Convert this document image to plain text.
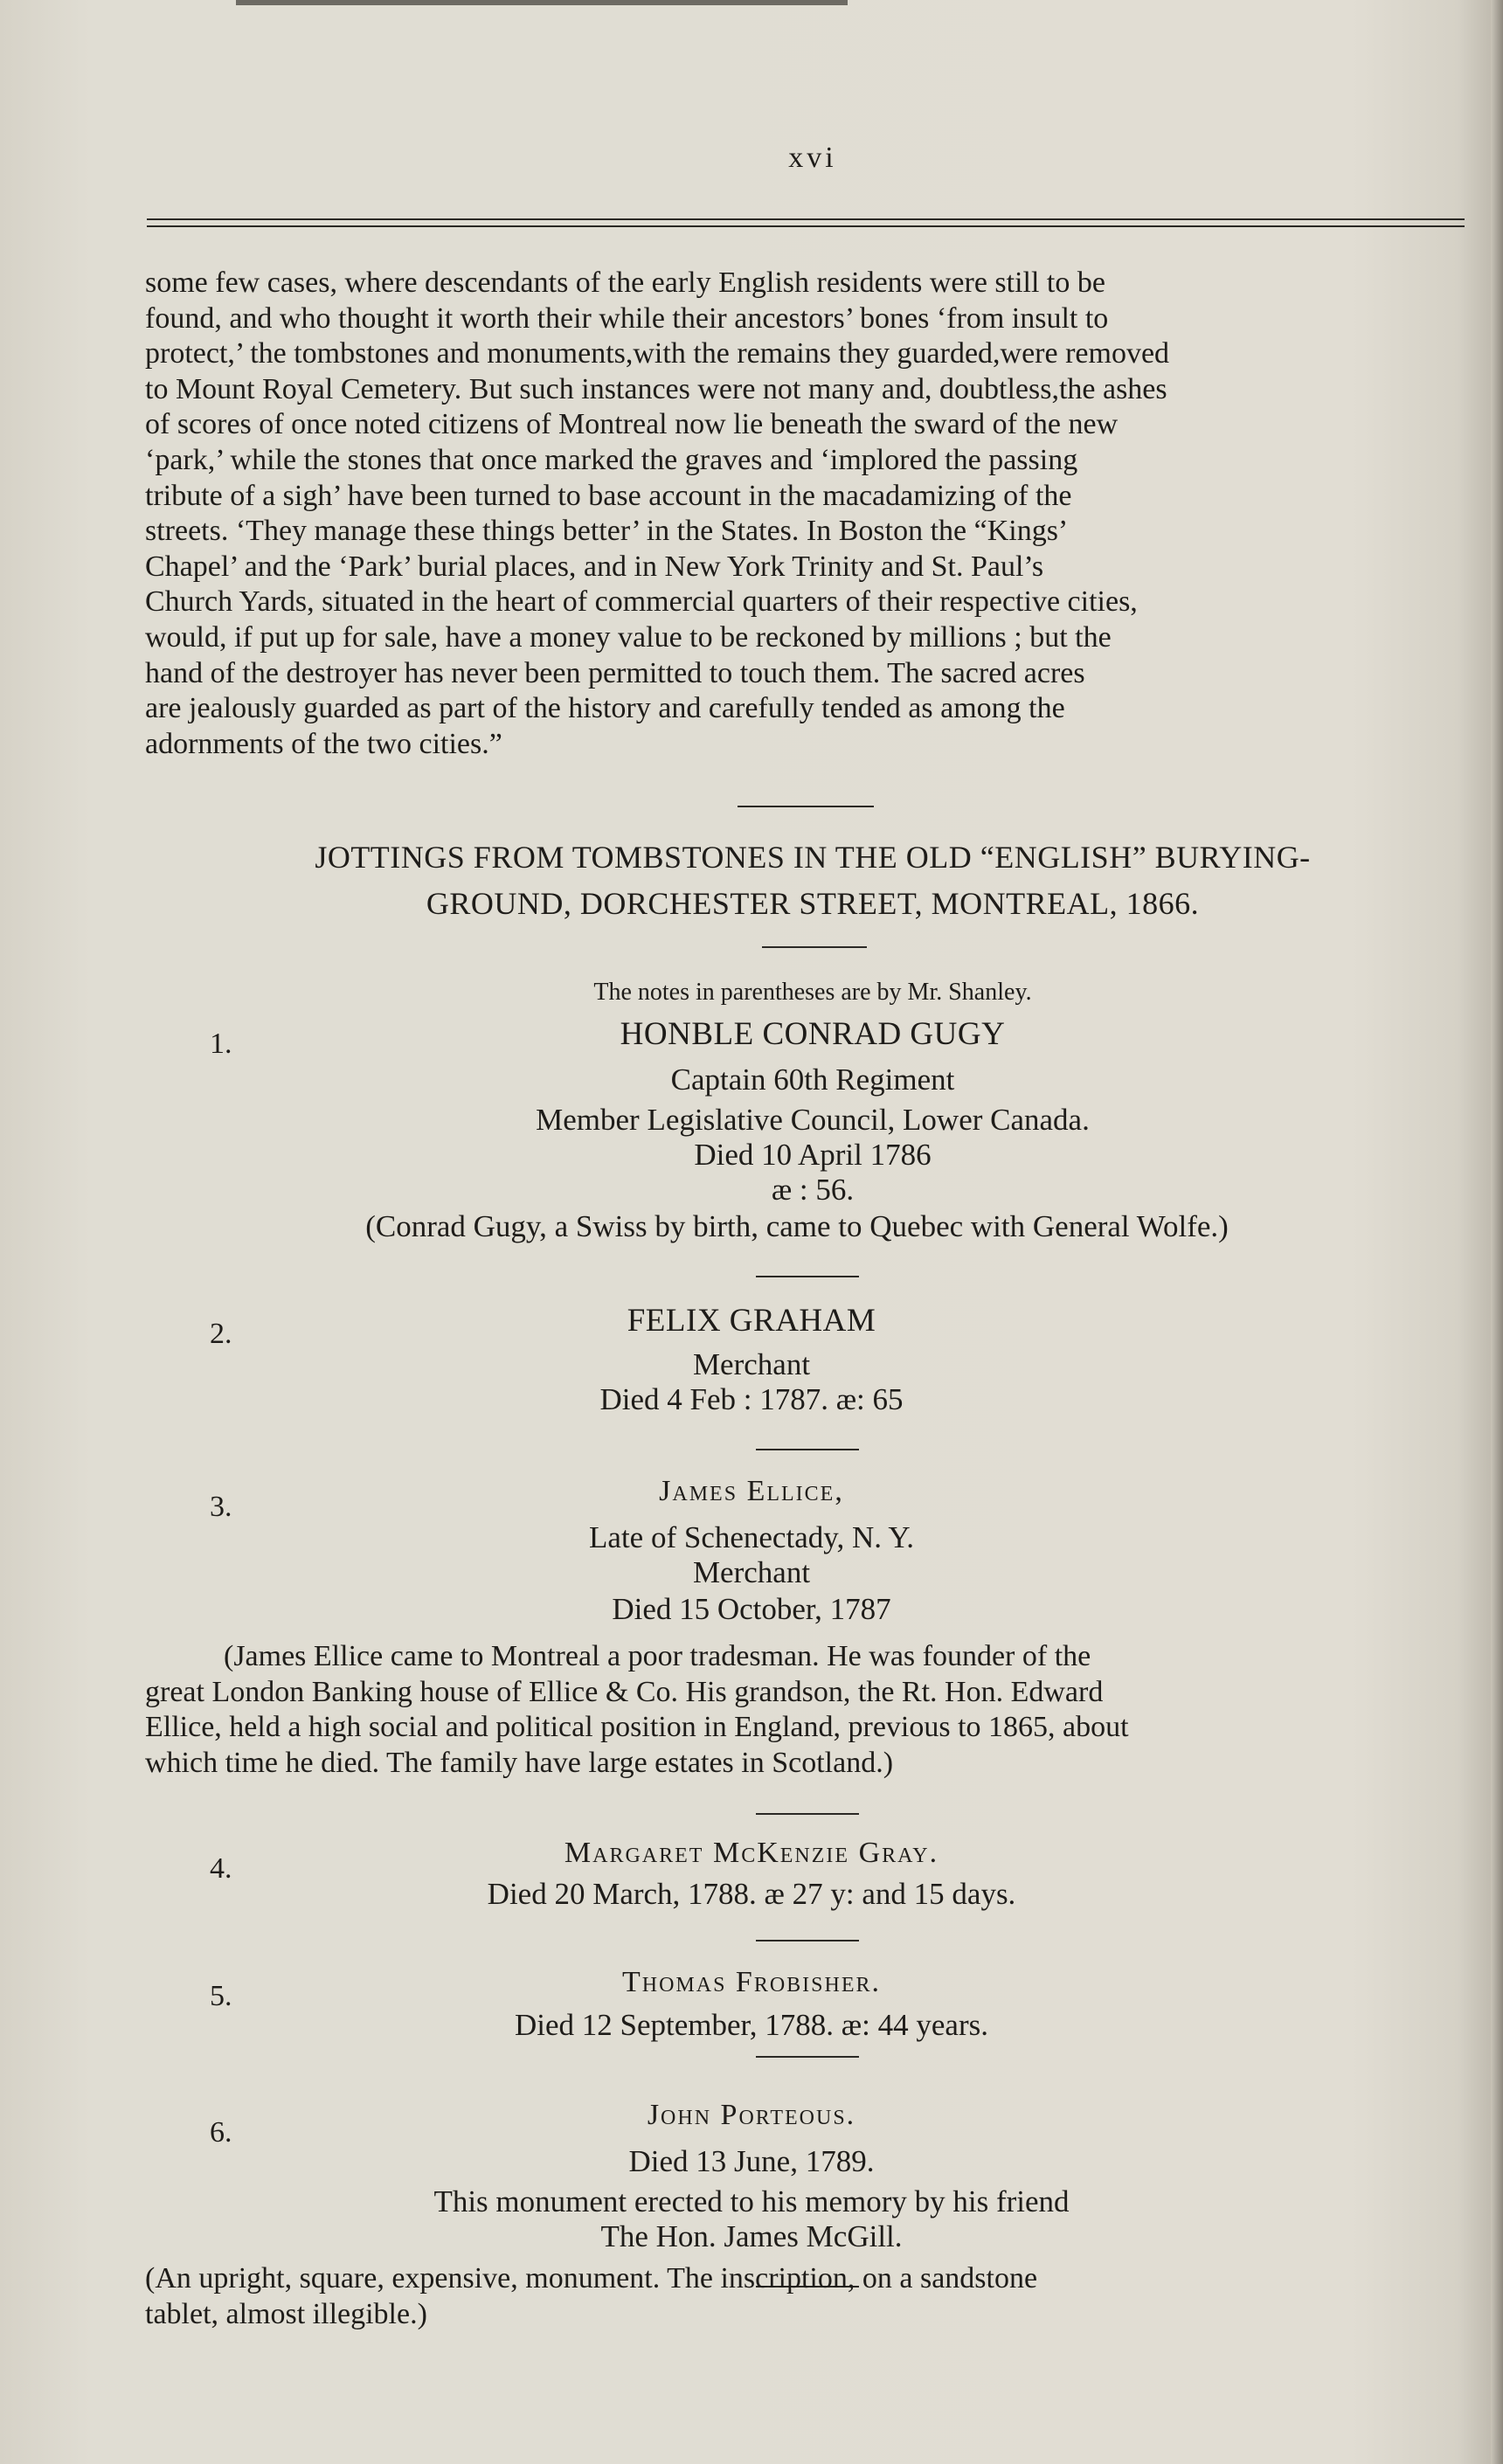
xvi

some few cases, where descendants of the early English residents were still to be

found, and who thought it worth their while their ancestors’ bones ‘from insult to

protect,’ the tombstones and monuments,with the remains they guarded,were removed

to Mount Royal Cemetery. But such instances were not many and, doubtless,the ashes

of scores of once noted citizens of Montreal now lie beneath the sward of the new

‘park,’ while the stones that once marked the graves and ‘implored the passing

tribute of a sigh’ have been turned to base account in the macadamizing of the

streets. ‘They manage these things better’ in the States. In Boston the “Kings’

Chapel’ and the ‘Park’ burial places, and in New York Trinity and St. Paul’s

Church Yards, situated in the heart of commercial quarters of their respective cities,

would, if put up for sale, have a money value to be reckoned by millions ; but the

hand of the destroyer has never been permitted to touch them. The sacred acres

are jealously guarded as part of the history and carefully tended as among the

adornments of the two cities.”

JOTTINGS FROM TOMBSTONES IN THE OLD “ENGLISH” BURYING-
GROUND, DORCHESTER STREET, MONTREAL, 1866.
The notes in parentheses are by Mr. Shanley.
1.	HONBLE CONRAD GUGY
Captain 60th Regiment
Member Legislative Council, Lower Canada.
Died 10 April 1786
æ : 56.
(Conrad Gugy, a Swiss by birth, came to Quebec with General Wolfe.)
2.	FELIX GRAHAM
Merchant
Died 4 Feb : 1787. æ: 65
3.	James Ellice,
Late of Schenectady, N. Y.
Merchant
Died 15 October, 1787

(James Ellice came to Montreal a poor tradesman. He was founder of the

great London Banking house of Ellice & Co. His grandson, the Rt. Hon. Edward

Ellice, held a high social and political position in England, previous to 1865, about

which time he died. The family have large estates in Scotland.)

4.	Margaret McKenzie Gray.
Died 20 March, 1788. æ 27 y: and 15 days.
5.	Thomas Frobisher.
Died 12 September, 1788. æ: 44 years.
6.
John Porteous.
Died 13 June, 1789.
This monument erected to his memory by his friend
The Hon. James McGill.

(An upright, square, expensive, monument. The inscription, on a sandstone

tablet, almost illegible.)
